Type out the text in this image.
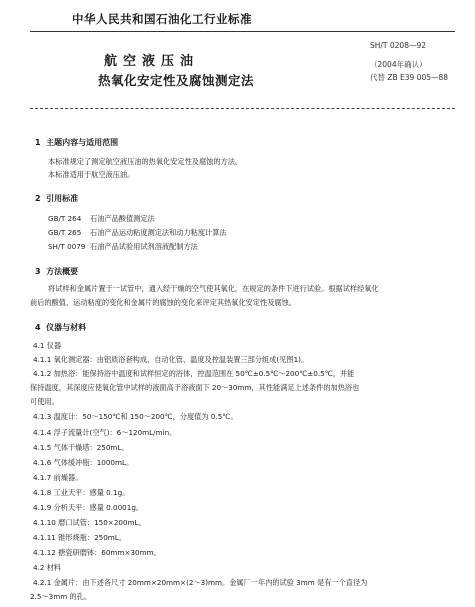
中华人民共和国石油化工行业标准
航空液压油
热氧化安定性及腐蚀测定法
SH/T 0208—92
（2004年确认）
代替 ZB E39 005—88
1 主题内容与适用范围
本标准规定了测定航空液压油的热氧化安定性及腐蚀的方法。
本标准适用于航空液压油。
2 引用标准
GB/T 264 石油产品酸值测定法
GB/T 265 石油产品运动粘度测定法和动力粘度计算法
SH/T 0079 石油产品试验用试剂溶液配制方法
3 方法概要
将试样和金属片置于一试管中，通入经干燥的空气使其氧化，在规定的条件下进行试验。根据试样经氧化
前后的酸值、运动粘度的变化和金属片的腐蚀的变化来评定其热氧化安定性及腐蚀。
4 仪器与材料
4.1 仪器
4.1.1 氧化测定器：由铝质浴套构成、自动化管、温度及控温装置三部分组成(见图1)。
4.1.2 加热浴：能保持浴中温度和试样恒定的浴体，控温范围在 50℃±0.5℃～200℃±0.5℃，并能
保持温度，其深度应使氧化管中试样的液面高于浴液面下 20～30mm，其性能满足上述条件的加热浴也
可使用。
4.1.3 温度计：50～150℃和 150～200℃，分度值为 0.5℃。
4.1.4 浮子流量计(空气)：6～120mL/min。
4.1.5 气体干燥塔：250mL。
4.1.6 气体缓冲瓶：1000mL。
4.1.7 前燥器。
4.1.8 工业天平：感量 0.1g。
4.1.9 分析天平：感量 0.0001g。
4.1.10 磨口试管：150×200mL。
4.1.11 锥形烧瓶：250mL。
4.1.12 搪瓷研磨钵：60mm×30mm。
4.2 材料
4.2.1 金属片：由下述各尺寸 20mm×20mm×(2～3)mm。金属厂一年内的试验 3mm 是有一个直径为
2.5～3mm 的孔。
